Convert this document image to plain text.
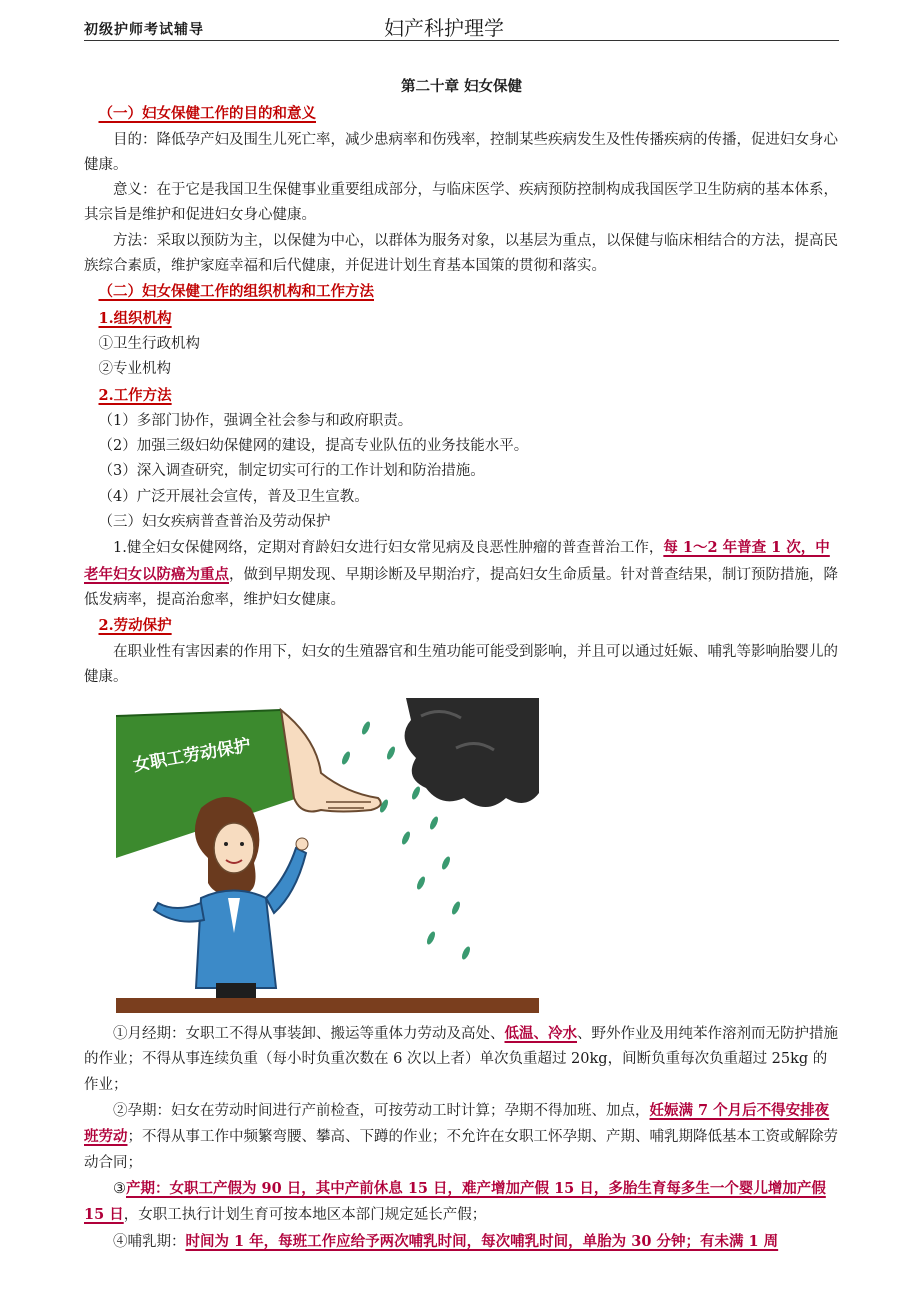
初级护师考试辅导	妇产科护理学

第二十章 妇女保健

（一）妇女保健工作的目的和意义

目的：降低孕产妇及围生儿死亡率，减少患病率和伤残率，控制某些疾病发生及性传播疾病的传播，促进妇女身心健康。

意义：在于它是我国卫生保健事业重要组成部分，与临床医学、疾病预防控制构成我国医学卫生防病的基本体系，其宗旨是维护和促进妇女身心健康。

方法：采取以预防为主，以保健为中心，以群体为服务对象，以基层为重点，以保健与临床相结合的方法，提高民族综合素质，维护家庭幸福和后代健康，并促进计划生育基本国策的贯彻和落实。

（二）妇女保健工作的组织机构和工作方法

1.组织机构

①卫生行政机构

②专业机构

2.工作方法

（1）多部门协作，强调全社会参与和政府职责。

（2）加强三级妇幼保健网的建设，提高专业队伍的业务技能水平。

（3）深入调查研究，制定切实可行的工作计划和防治措施。

（4）广泛开展社会宣传，普及卫生宣教。

（三）妇女疾病普查普治及劳动保护

1.健全妇女保健网络，定期对育龄妇女进行妇女常见病及良恶性肿瘤的普查普治工作，每 1～2 年普查 1 次，中老年妇女以防癌为重点，做到早期发现、早期诊断及早期治疗，提高妇女生命质量。针对普查结果，制订预防措施，降低发病率，提高治愈率，维护妇女健康。

2.劳动保护

在职业性有害因素的作用下，妇女的生殖器官和生殖功能可能受到影响，并且可以通过妊娠、哺乳等影响胎婴儿的健康。

女职工劳动保护

①月经期：女职工不得从事装卸、搬运等重体力劳动及高处、低温、冷水、野外作业及用纯苯作溶剂而无防护措施的作业；不得从事连续负重（每小时负重次数在 6 次以上者）单次负重超过 20kg，间断负重每次负重超过 25kg 的作业；

②孕期：妇女在劳动时间进行产前检查，可按劳动工时计算；孕期不得加班、加点，妊娠满 7 个月后不得安排夜班劳动；不得从事工作中频繁弯腰、攀高、下蹲的作业；不允许在女职工怀孕期、产期、哺乳期降低基本工资或解除劳动合同；

③产期：女职工产假为 90 日，其中产前休息 15 日，难产增加产假 15 日，多胎生育每多生一个婴儿增加产假 15 日，女职工执行计划生育可按本地区本部门规定延长产假；

④哺乳期：时间为 1 年，每班工作应给予两次哺乳时间，每次哺乳时间，单胎为 30 分钟；有未满 1 周
